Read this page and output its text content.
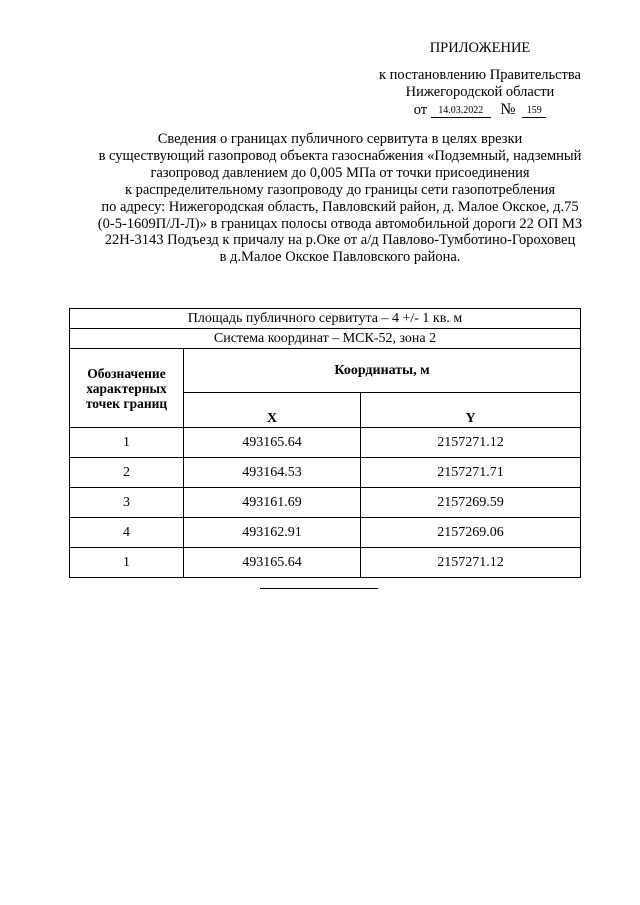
ПРИЛОЖЕНИЕ
к постановлению Правительства
Нижегородской области
от 14.03.2022 № 159
Сведения о границах публичного сервитута в целях врезки
в существующий газопровод объекта газоснабжения «Подземный, надземный
газопровод давлением до 0,005 МПа от точки присоединения
к распределительному газопроводу до границы сети газопотребления
по адресу: Нижегородская область, Павловский район, д. Малое Окское, д.75
(0-5-1609П/Л-Л)» в границах полосы отвода автомобильной дороги 22 ОП МЗ
22Н-3143 Подъезд к причалу на р.Оке от а/д Павлово-Тумботино-Гороховец
в д.Малое Окское Павловского района.
Площадь публичного сервитута – 4 +/- 1 кв. м		
Система координат – МСК-52, зона 2		
Обозначение характерных точек границ	Координаты, м	
	X	Y
1	493165.64	2157271.12
2	493164.53	2157271.71
3	493161.69	2157269.59
4	493162.91	2157269.06
1	493165.64	2157271.12
